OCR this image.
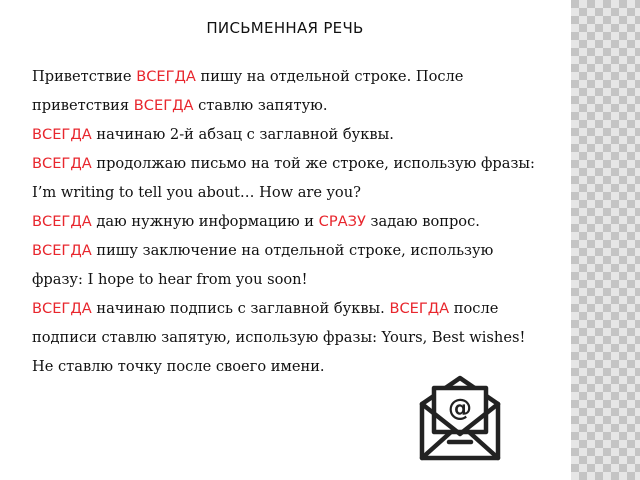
ПИСЬМЕННАЯ РЕЧЬ
Приветствие ВСЕГДА пишу на отдельной строке. После
приветствия ВСЕГДА ставлю запятую.
ВСЕГДА начинаю 2-й абзац с заглавной буквы.
ВСЕГДА продолжаю письмо на той же строке, использую фразы:
I’m writing to tell you about… How are you?
ВСЕГДА даю нужную информацию и СРАЗУ задаю вопрос.
ВСЕГДА пишу заключение на отдельной строке, использую
фразу: I hope to hear from you soon!
ВСЕГДА начинаю подпись с заглавной буквы. ВСЕГДА после
подписи ставлю запятую, использую фразы: Yours, Best wishes!
Не ставлю точку после своего имени.
@
